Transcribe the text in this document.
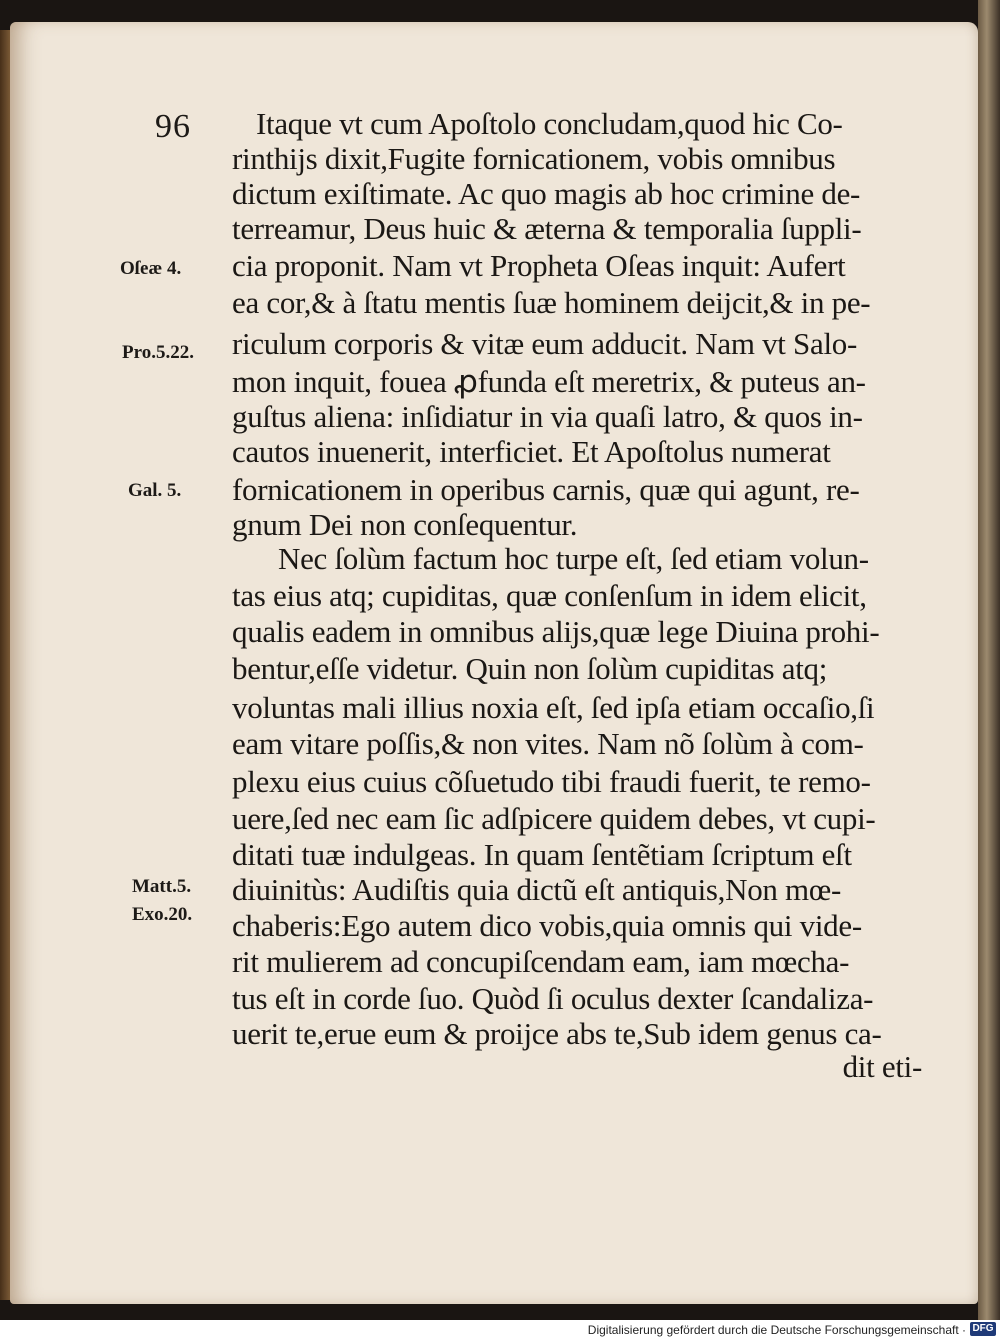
96
Oſeæ 4.
Pro.5.22.
Gal. 5.
Matt.5.
Exo.20.
Itaque vt cum Apoſtolo concludam,quod hic Co-
rinthijs dixit,Fugite fornicationem, vobis omnibus
dictum exiſtimate. Ac quo magis ab hoc crimine de-
terreamur, Deus huic & æterna & temporalia ſuppli-
cia proponit. Nam vt Propheta Oſeas inquit: Aufert
ea cor,& à ſtatu mentis ſuæ hominem deijcit,& in pe-
riculum corporis & vitæ eum adducit. Nam vt Salo-
mon inquit, fouea ꝓfunda eſt meretrix, & puteus an-
guſtus aliena: inſidiatur in via quaſi latro, & quos in-
cautos inuenerit, interficiet. Et Apoſtolus numerat
fornicationem in operibus carnis, quæ qui agunt, re-
gnum Dei non conſequentur.
Nec ſolùm factum hoc turpe eſt, ſed etiam volun-
tas eius atq; cupiditas, quæ conſenſum in idem elicit,
qualis eadem in omnibus alijs,quæ lege Diuina prohi-
bentur,eſſe videtur. Quin non ſolùm cupiditas atq;
voluntas mali illius noxia eſt, ſed ipſa etiam occaſio,ſi
eam vitare poſſis,& non vites. Nam nõ ſolùm à com-
plexu eius cuius cõſuetudo tibi fraudi fuerit, te remo-
uere,ſed nec eam ſic adſpicere quidem debes, vt cupi-
ditati tuæ indulgeas. In quam ſentẽtiam ſcriptum eſt
diuinitùs: Audiſtis quia dictũ eſt antiquis,Non mœ-
chaberis:Ego autem dico vobis,quia omnis qui vide-
rit mulierem ad concupiſcendam eam, iam mœcha-
tus eſt in corde ſuo. Quòd ſi oculus dexter ſcandaliza-
uerit te,erue eum & proijce abs te,Sub idem genus ca-
dit eti-
Digitalisierung gefördert durch die Deutsche Forschungsgemeinschaft · DFG
